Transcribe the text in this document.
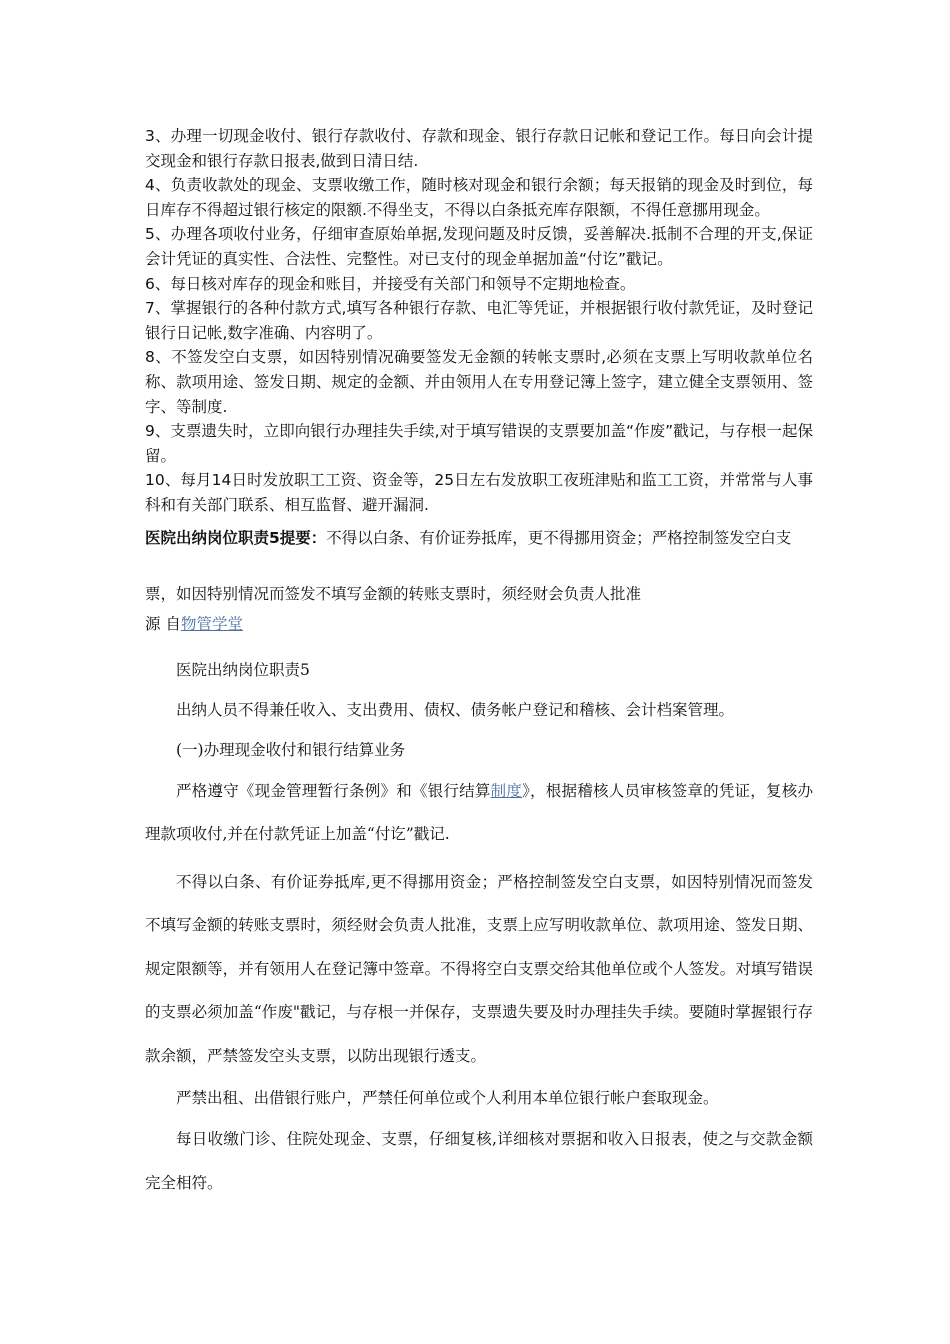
3、办理一切现金收付、银行存款收付、存款和现金、银行存款日记帐和登记工作。每日向会计提交现金和银行存款日报表,做到日清日结.

4、负责收款处的现金、支票收缴工作，随时核对现金和银行余额；每天报销的现金及时到位，每日库存不得超过银行核定的限额.不得坐支，不得以白条抵充库存限额，不得任意挪用现金。

5、办理各项收付业务，仔细审查原始单据,发现问题及时反馈，妥善解决.抵制不合理的开支,保证会计凭证的真实性、合法性、完整性。对已支付的现金单据加盖“付讫”戳记。

6、每日核对库存的现金和账目，并接受有关部门和领导不定期地检查。

7、掌握银行的各种付款方式,填写各种银行存款、电汇等凭证，并根据银行收付款凭证，及时登记银行日记帐,数字准确、内容明了。

8、不签发空白支票，如因特别情况确要签发无金额的转帐支票时,必须在支票上写明收款单位名称、款项用途、签发日期、规定的金额、并由领用人在专用登记簿上签字，建立健全支票领用、签字、等制度.

9、支票遗失时，立即向银行办理挂失手续,对于填写错误的支票要加盖“作废”戳记，与存根一起保留。

10、每月14日时发放职工工资、资金等，25日左右发放职工夜班津贴和监工工资，并常常与人事科和有关部门联系、相互监督、避开漏洞.

医院出纳岗位职责5提要：不得以白条、有价证券抵库，更不得挪用资金；严格控制签发空白支票，如因特别情况而签发不填写金额的转账支票时，须经财会负责人批准

源 自物管学堂

医院出纳岗位职责5

出纳人员不得兼任收入、支出费用、债权、债务帐户登记和稽核、会计档案管理。

(一)办理现金收付和银行结算业务

严格遵守《现金管理暂行条例》和《银行结算制度》，根据稽核人员审核签章的凭证，复核办理款项收付,并在付款凭证上加盖“付讫”戳记.

不得以白条、有价证券抵库,更不得挪用资金；严格控制签发空白支票，如因特别情况而签发不填写金额的转账支票时，须经财会负责人批准，支票上应写明收款单位、款项用途、签发日期、规定限额等，并有领用人在登记簿中签章。不得将空白支票交给其他单位或个人签发。对填写错误的支票必须加盖“作废"戳记，与存根一并保存，支票遗失要及时办理挂失手续。要随时掌握银行存款余额，严禁签发空头支票，以防出现银行透支。

严禁出租、出借银行账户，严禁任何单位或个人利用本单位银行帐户套取现金。

每日收缴门诊、住院处现金、支票，仔细复核,详细核对票据和收入日报表，使之与交款金额完全相符。
